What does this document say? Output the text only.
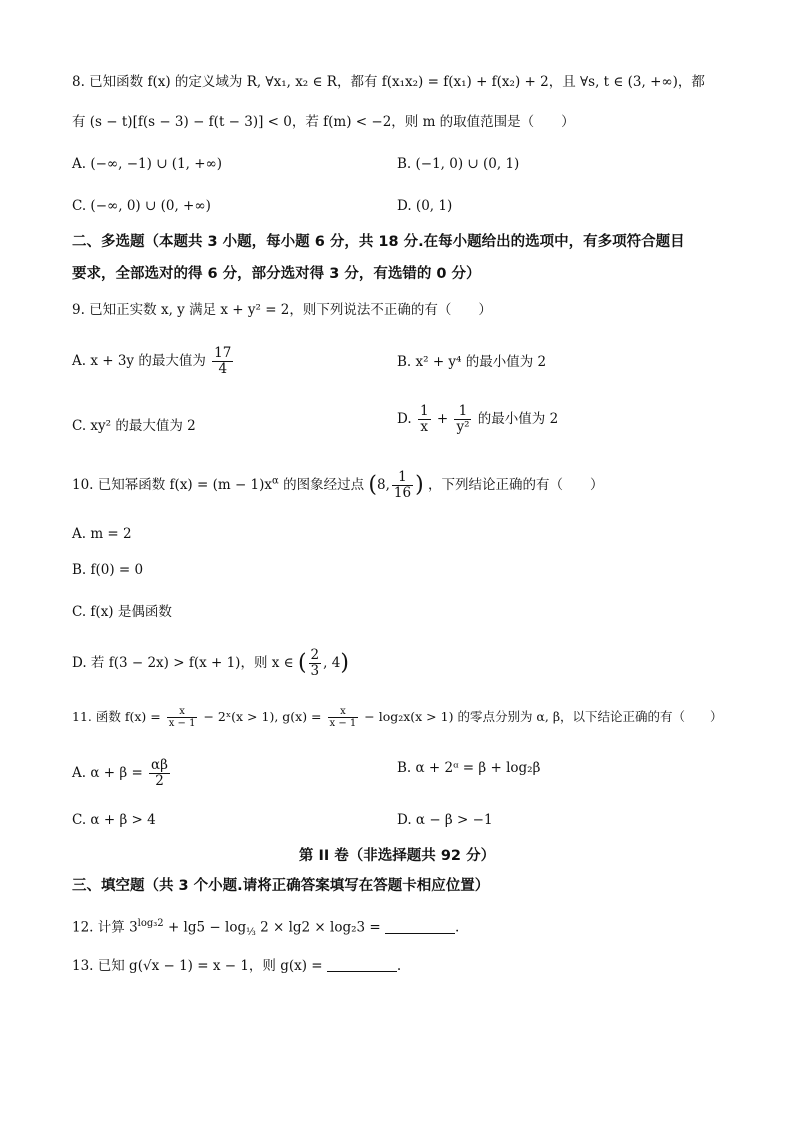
8. 已知函数 f(x) 的定义域为 R, ∀x₁, x₂ ∈ R，都有 f(x₁x₂) = f(x₁) + f(x₂) + 2，且 ∀s, t ∈ (3, +∞)，都
有 (s − t)[f(s − 3) − f(t − 3)] < 0，若 f(m) < −2，则 m 的取值范围是（　　）
A. (−∞, −1) ∪ (1, +∞)	B. (−1, 0) ∪ (0, 1)
C. (−∞, 0) ∪ (0, +∞)	D. (0, 1)
二、多选题（本题共 3 小题，每小题 6 分，共 18 分.在每小题给出的选项中，有多项符合题目
要求，全部选对的得 6 分，部分选对得 3 分，有选错的 0 分）
9. 已知正实数 x, y 满足 x + y² = 2，则下列说法不正确的有（　　）
A. x + 3y 的最大值为 $\frac{17}{4}$	B. x² + y⁴ 的最小值为 2
C. xy² 的最大值为 2	D. $\frac{1}{x} + \frac{1}{\text{y²}}$ 的最小值为 2
10. 已知幂函数 $f(x) = (m - 1)x^\alpha$ 的图象经过点 (8, $\frac{1}{16}$ ) ，下列结论正确的有（　　）
A. m = 2
B. f(0) = 0
C. f(x) 是偶函数
D. 若 f(3 − 2x) > f(x + 1)，则 x ∈ ( $\frac{2}{3}$ , 4)
11. 函数 $f(x) = \frac{x}{x - 1}$ − 2ˣ(x > 1), $g(x) = \frac{x}{x - 1} - \log_2x(x > 1)$ 的零点分别为 α, β，以下结论正确的有（　　）
A. $\alpha + \beta = \frac{\alpha\beta}{2}$	B. α + 2ᵅ = β + log₂β
C. α + β > 4	D. α − β > −1
第 II 卷（非选择题共 92 分）
三、填空题（共 3 个小题.请将正确答案填写在答题卡相应位置）
12. 计算 $3^{log_32} + \lg 5 - \log_{\frac{1}{3}} 2 \times \lg 2 \times \log_23$ =	.
13. 已知 g(√x − 1) = x − 1，则 g(x) =	.
